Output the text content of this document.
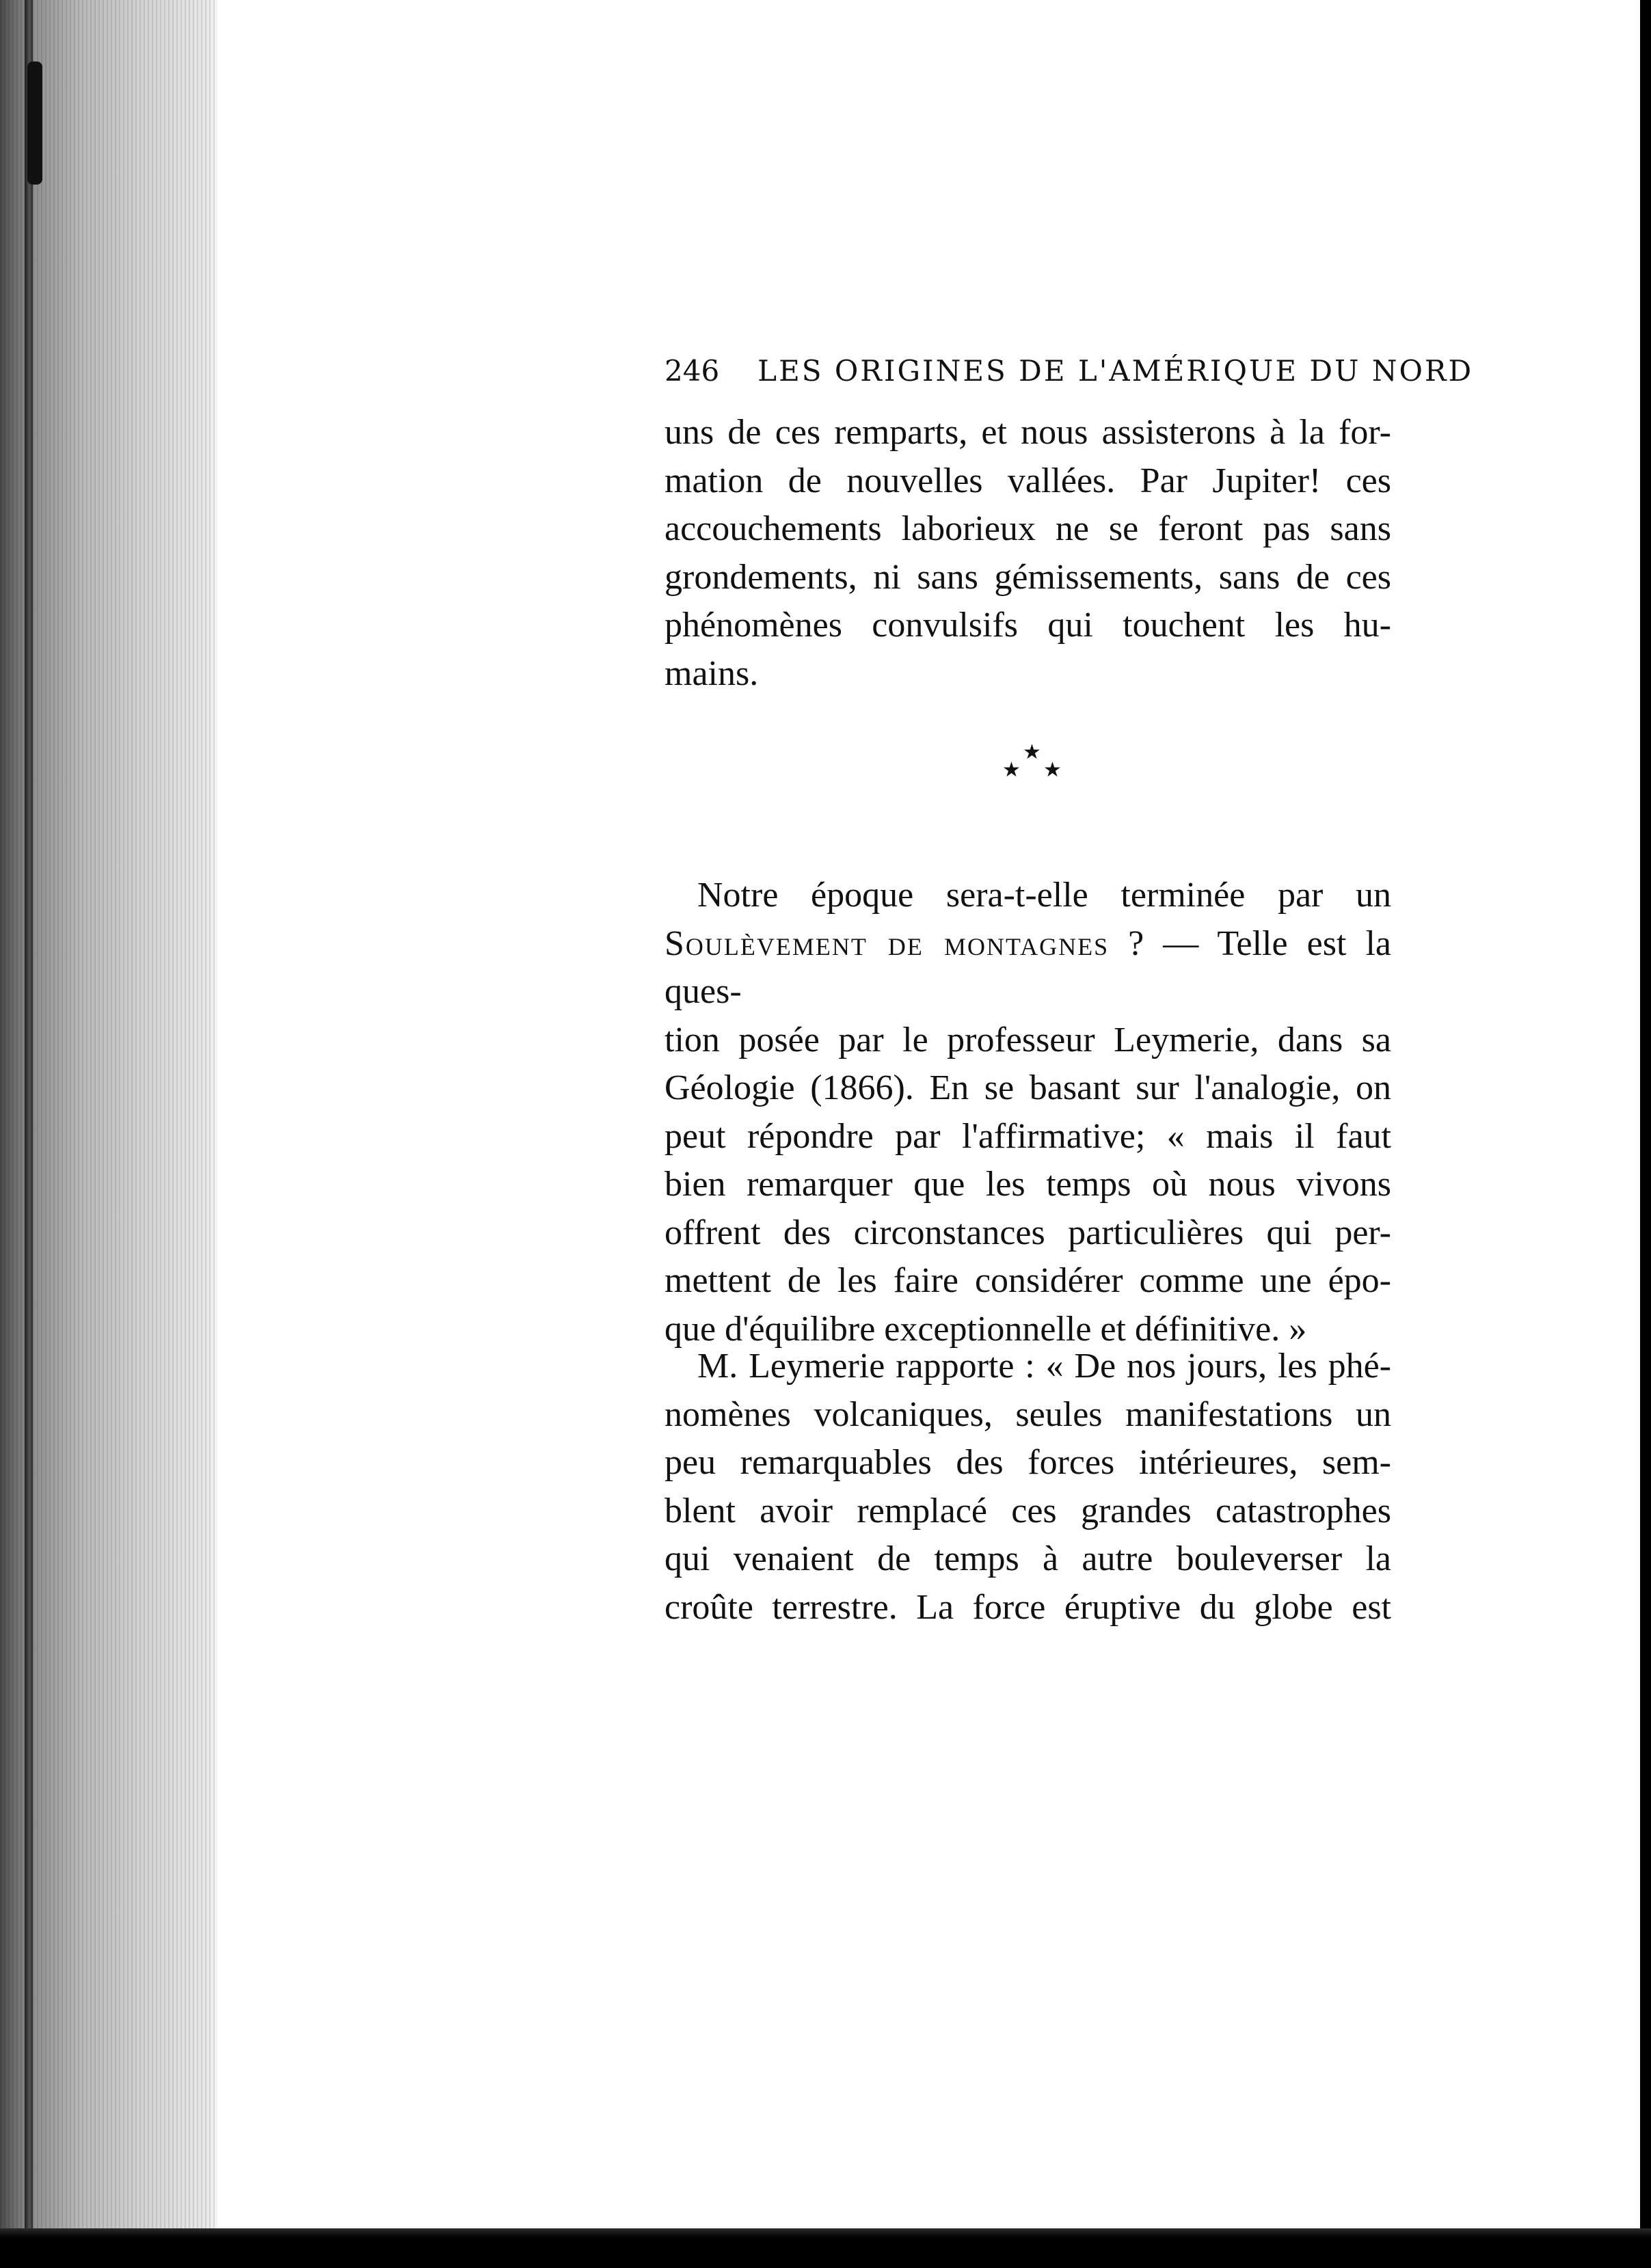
246 LES ORIGINES DE L'AMÉRIQUE DU NORD
uns de ces remparts, et nous assisterons à la for-
mation de nouvelles vallées. Par Jupiter! ces
accouchements laborieux ne se feront pas sans
grondements, ni sans gémissements, sans de ces
phénomènes convulsifs qui touchent les hu-
mains.
★
★ ★
Notre époque sera-t-elle terminée par un
Soulèvement de montagnes ? — Telle est la ques-
tion posée par le professeur Leymerie, dans sa
Géologie (1866). En se basant sur l'analogie, on
peut répondre par l'affirmative; « mais il faut
bien remarquer que les temps où nous vivons
offrent des circonstances particulières qui per-
mettent de les faire considérer comme une épo-
que d'équilibre exceptionnelle et définitive. »
M. Leymerie rapporte : « De nos jours, les phé-
nomènes volcaniques, seules manifestations un
peu remarquables des forces intérieures, sem-
blent avoir remplacé ces grandes catastrophes
qui venaient de temps à autre bouleverser la
croûte terrestre. La force éruptive du globe est
